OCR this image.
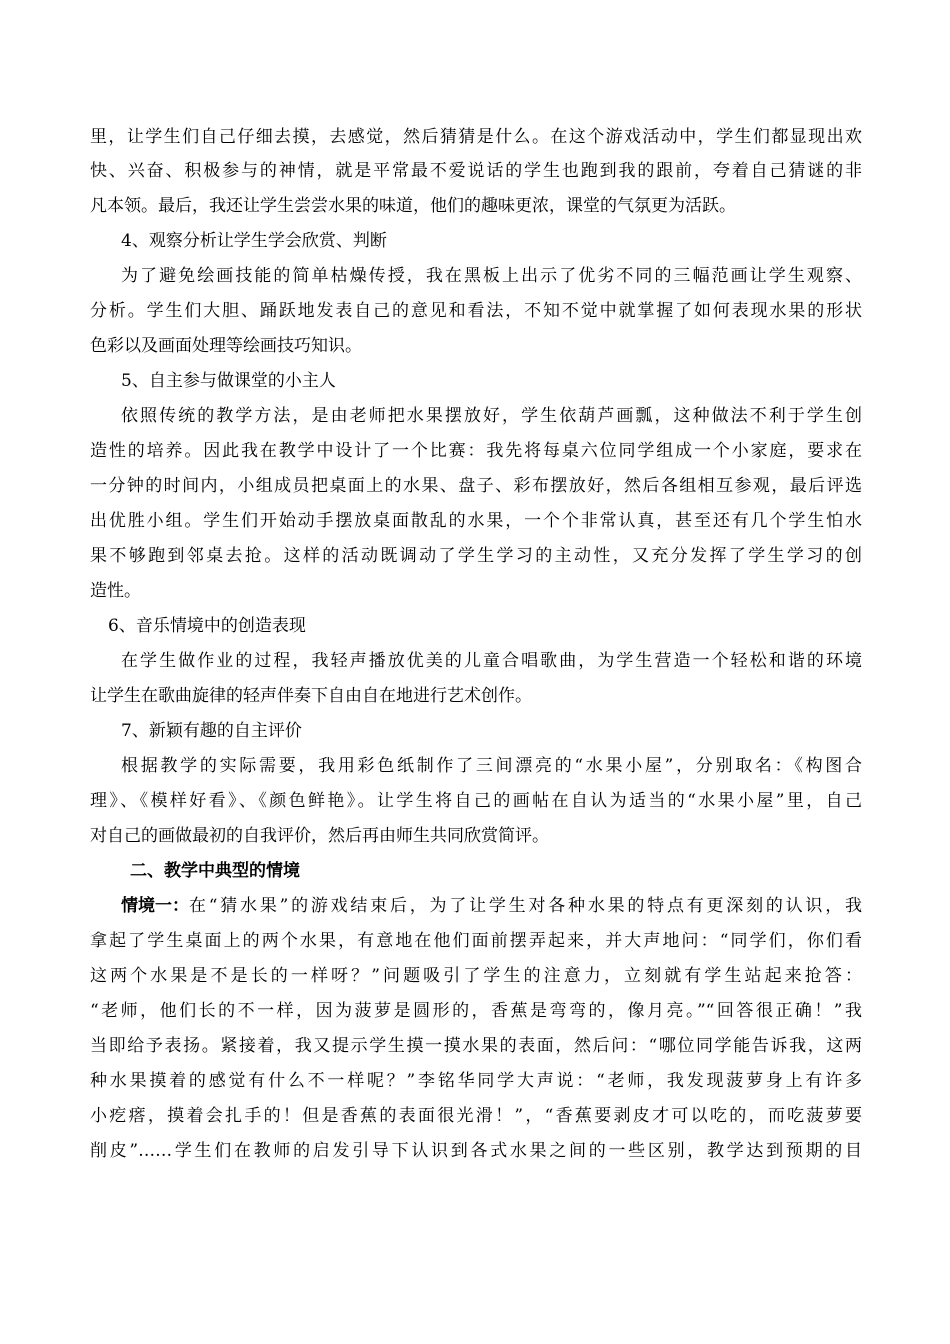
里，让学生们自己仔细去摸，去感觉，然后猜猜是什么。在这个游戏活动中，学生们都显现出欢
快、兴奋、积极参与的神情，就是平常最不爱说话的学生也跑到我的跟前，夸着自己猜谜的非
凡本领。最后，我还让学生尝尝水果的味道，他们的趣味更浓，课堂的气氛更为活跃。
4、观察分析让学生学会欣赏、判断
为了避免绘画技能的简单枯燥传授，我在黑板上出示了优劣不同的三幅范画让学生观察、
分析。学生们大胆、踊跃地发表自己的意见和看法，不知不觉中就掌握了如何表现水果的形状
色彩以及画面处理等绘画技巧知识。
5、自主参与做课堂的小主人
依照传统的教学方法，是由老师把水果摆放好，学生依葫芦画瓢，这种做法不利于学生创
造性的培养。因此我在教学中设计了一个比赛：我先将每桌六位同学组成一个小家庭，要求在
一分钟的时间内，小组成员把桌面上的水果、盘子、彩布摆放好，然后各组相互参观，最后评选
出优胜小组。学生们开始动手摆放桌面散乱的水果，一个个非常认真，甚至还有几个学生怕水
果不够跑到邻桌去抢。这样的活动既调动了学生学习的主动性，又充分发挥了学生学习的创
造性。
6、音乐情境中的创造表现
在学生做作业的过程，我轻声播放优美的儿童合唱歌曲，为学生营造一个轻松和谐的环境
让学生在歌曲旋律的轻声伴奏下自由自在地进行艺术创作。
7、新颖有趣的自主评价
根据教学的实际需要，我用彩色纸制作了三间漂亮的“水果小屋”，分别取名：《构图合
理》、《模样好看》、《颜色鲜艳》。让学生将自己的画帖在自认为适当的“水果小屋”里，自己
对自己的画做最初的自我评价，然后再由师生共同欣赏简评。
二、教学中典型的情境
情境一： 在“猜水果”的游戏结束后，为了让学生对各种水果的特点有更深刻的认识，我
拿起了学生桌面上的两个水果，有意地在他们面前摆弄起来，并大声地问：“同学们，你们看
这两个水果是不是长的一样呀？”问题吸引了学生的注意力，立刻就有学生站起来抢答：
“老师，他们长的不一样，因为菠萝是圆形的，香蕉是弯弯的，像月亮。”“回答很正确！”我
当即给予表扬。紧接着，我又提示学生摸一摸水果的表面，然后问：“哪位同学能告诉我，这两
种水果摸着的感觉有什么不一样呢？”李铭华同学大声说：“老师，我发现菠萝身上有许多
小疙瘩，摸着会扎手的！但是香蕉的表面很光滑！”，“香蕉要剥皮才可以吃的，而吃菠萝要
削皮”……学生们在教师的启发引导下认识到各式水果之间的一些区别，教学达到预期的目
